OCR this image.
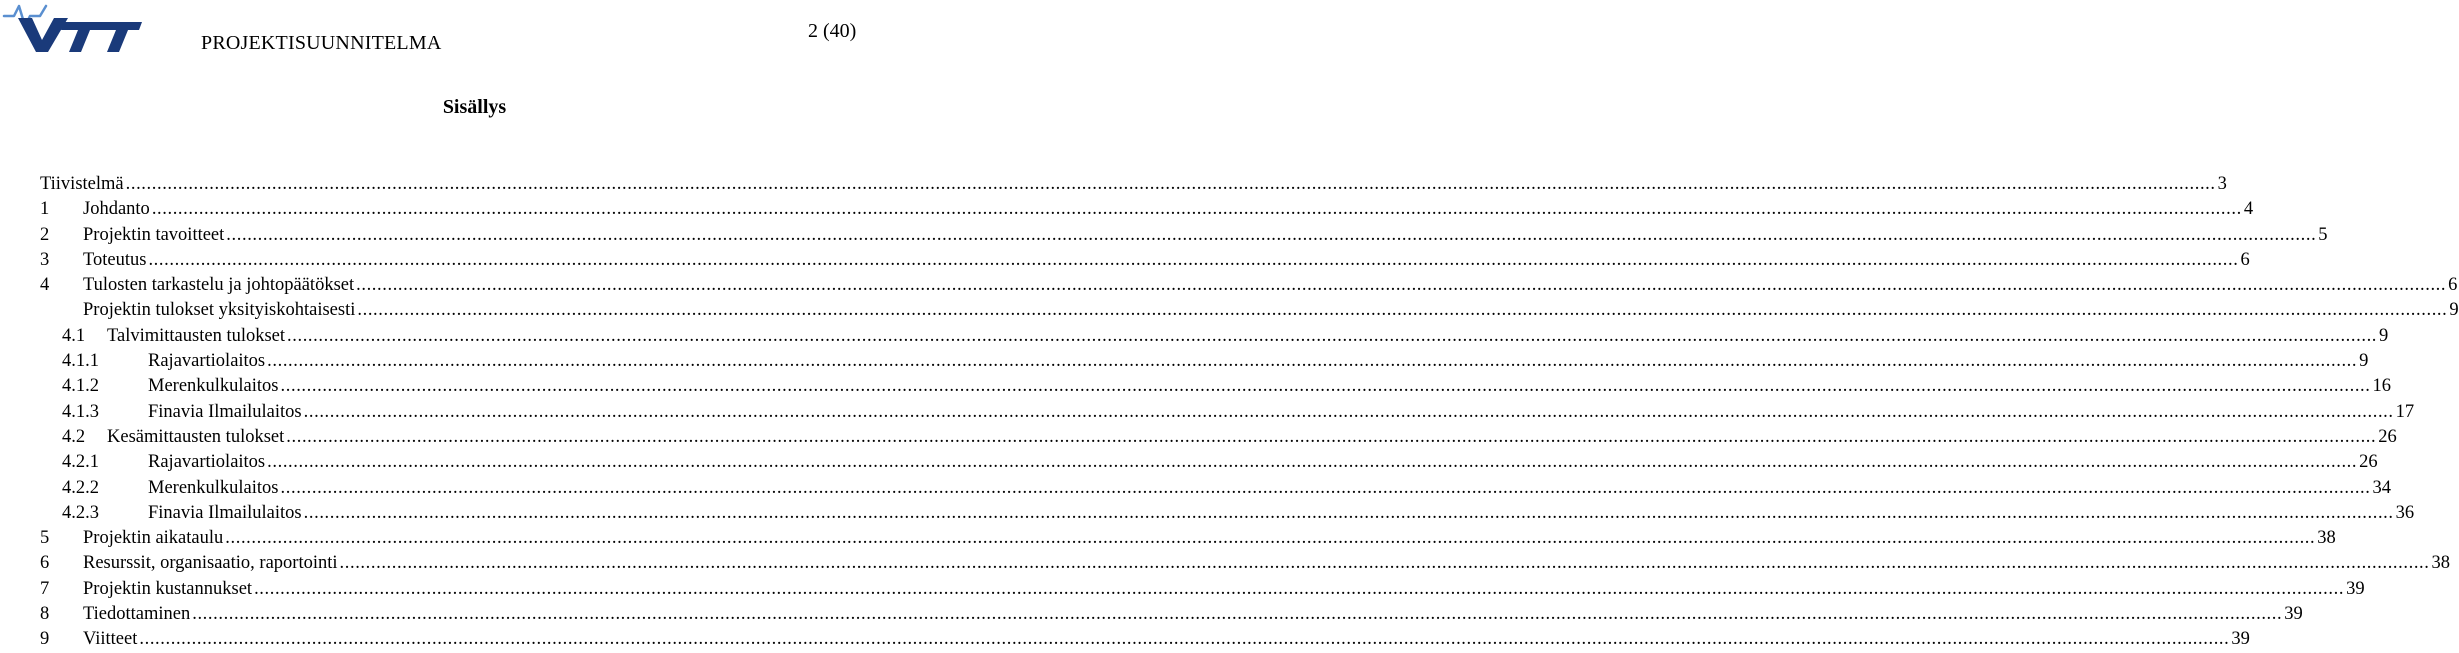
PROJEKTISUUNNITELMA
2 (40)
Sisällys
Tiivistelmä ................................................................................................................................................................................................................................................................................................................................................................................................................ 3
1	Johdanto ................................................................................................................................................................................................................................................................................................................................................................................................................ 4
2	Projektin tavoitteet ................................................................................................................................................................................................................................................................................................................................................................................................................ 5
3	Toteutus ................................................................................................................................................................................................................................................................................................................................................................................................................ 6
4	Tulosten tarkastelu ja johtopäätökset ................................................................................................................................................................................................................................................................................................................................................................................................................ 6
Projektin tulokset yksityiskohtaisesti ................................................................................................................................................................................................................................................................................................................................................................................................................ 9
4.1	Talvimittausten tulokset ................................................................................................................................................................................................................................................................................................................................................................................................................ 9
4.1.1	Rajavartiolaitos ................................................................................................................................................................................................................................................................................................................................................................................................................ 9
4.1.2	Merenkulkulaitos ................................................................................................................................................................................................................................................................................................................................................................................................................ 16
4.1.3	Finavia Ilmailulaitos ................................................................................................................................................................................................................................................................................................................................................................................................................ 17
4.2	Kesämittausten tulokset ................................................................................................................................................................................................................................................................................................................................................................................................................ 26
4.2.1	Rajavartiolaitos ................................................................................................................................................................................................................................................................................................................................................................................................................ 26
4.2.2	Merenkulkulaitos ................................................................................................................................................................................................................................................................................................................................................................................................................ 34
4.2.3	Finavia Ilmailulaitos ................................................................................................................................................................................................................................................................................................................................................................................................................ 36
5	Projektin aikataulu ................................................................................................................................................................................................................................................................................................................................................................................................................ 38
6	Resurssit, organisaatio, raportointi ................................................................................................................................................................................................................................................................................................................................................................................................................ 38
7	Projektin kustannukset ................................................................................................................................................................................................................................................................................................................................................................................................................ 39
8	Tiedottaminen ................................................................................................................................................................................................................................................................................................................................................................................................................ 39
9	Viitteet ................................................................................................................................................................................................................................................................................................................................................................................................................ 39
